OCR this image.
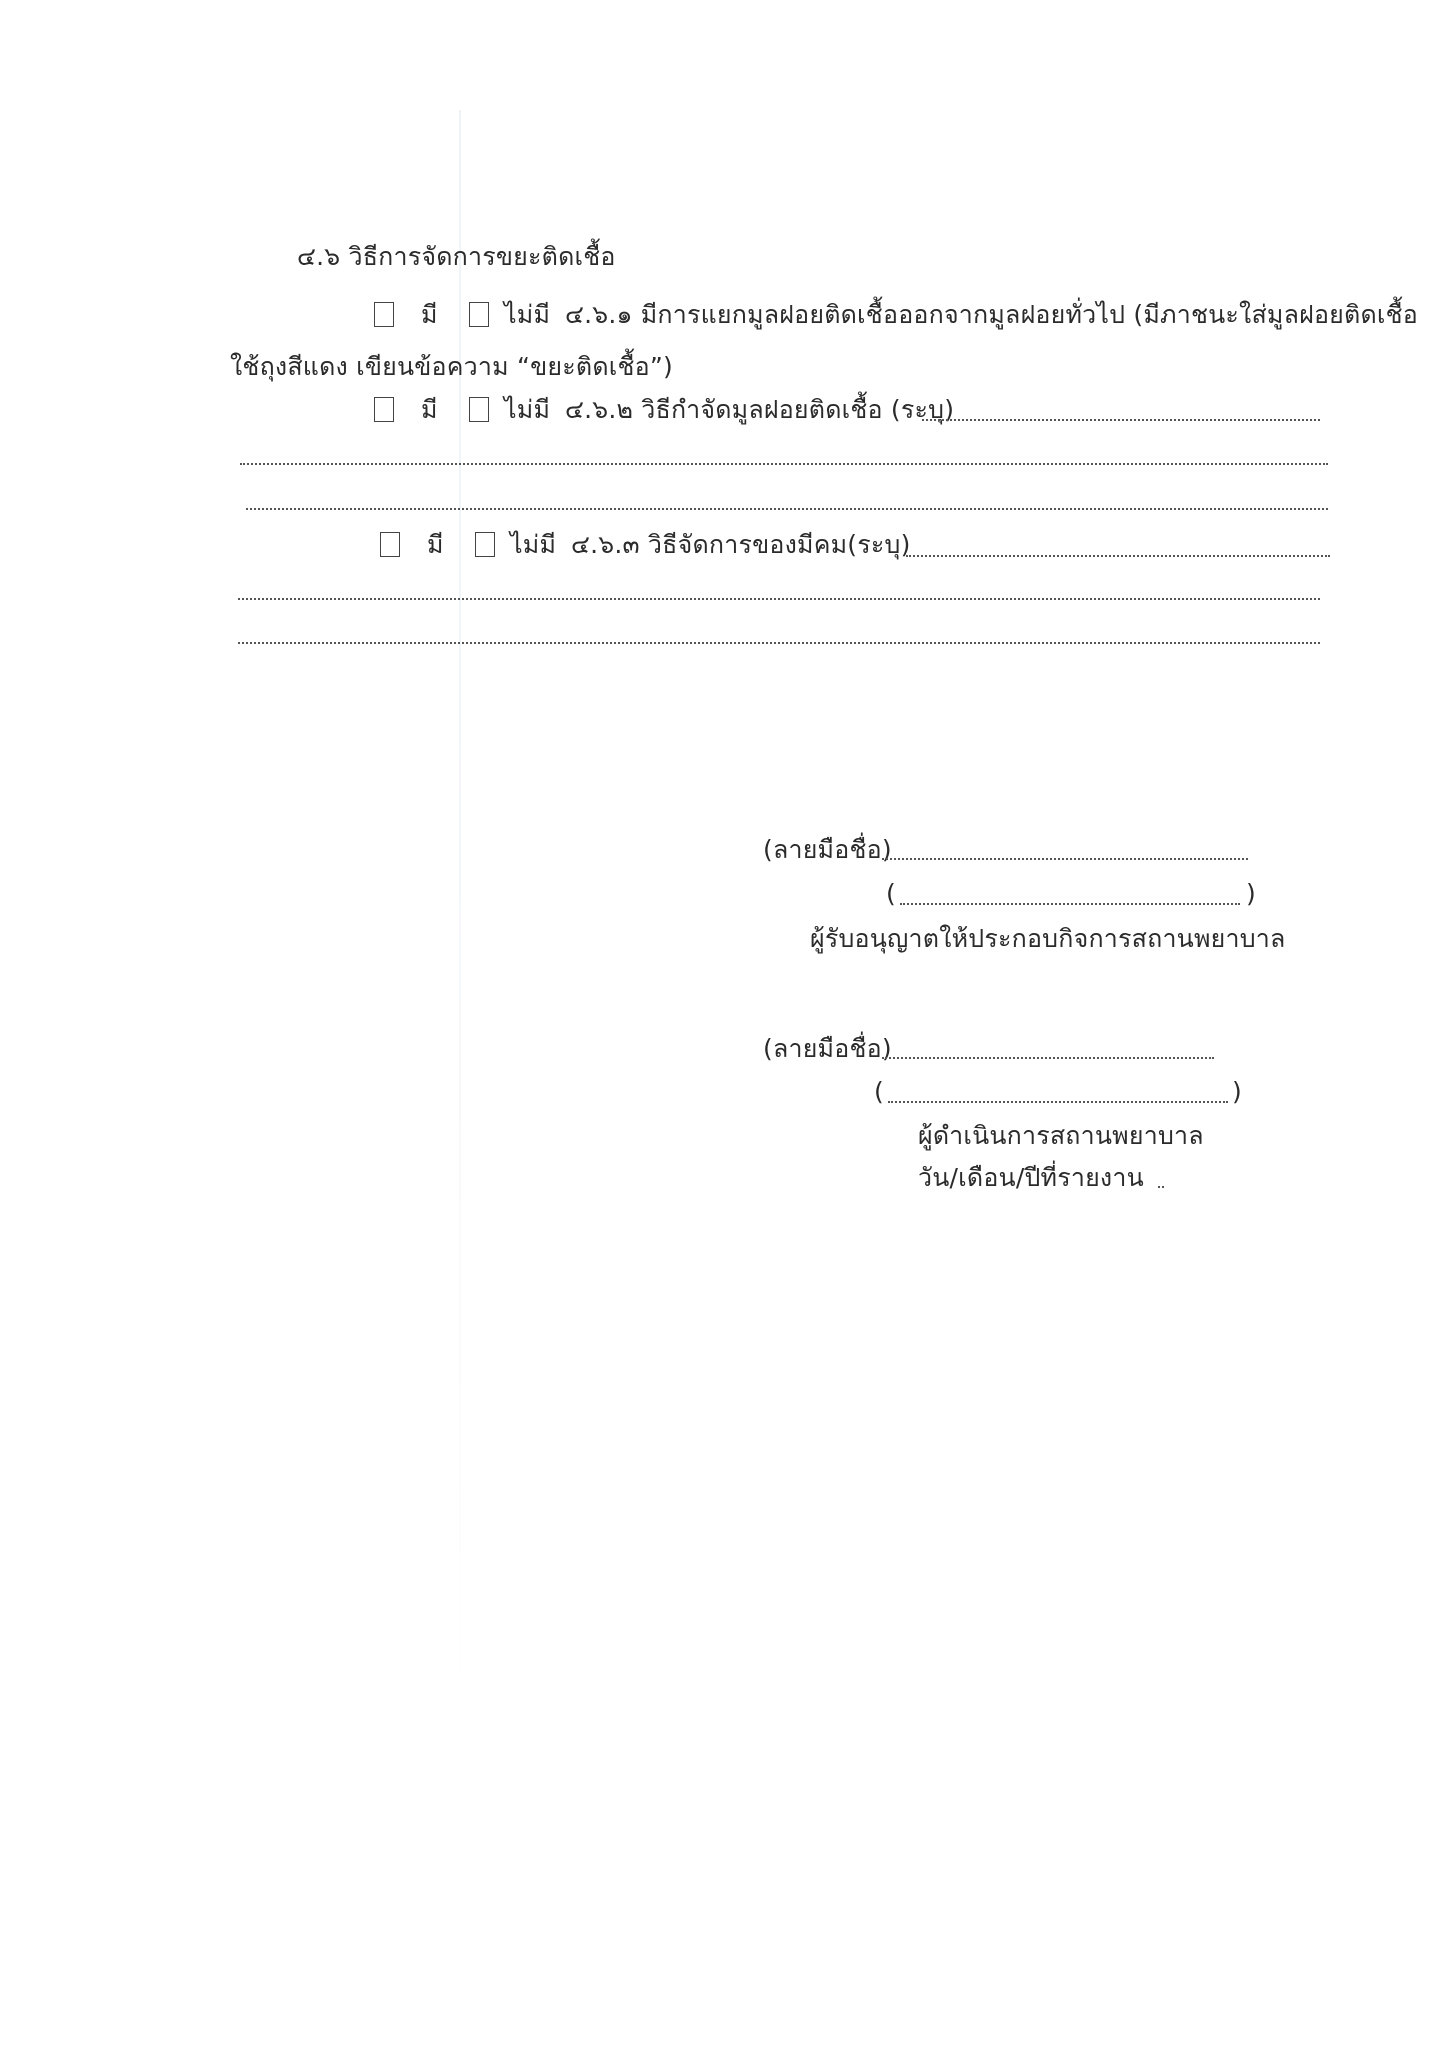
๔.๖ วิธีการจัดการขยะติดเชื้อ
มี	ไม่มี ๔.๖.๑ มีการแยกมูลฝอยติดเชื้อออกจากมูลฝอยทั่วไป (มีภาชนะใส่มูลฝอยติดเชื้อ
ใช้ถุงสีแดง เขียนข้อความ “ขยะติดเชื้อ”)
มี	ไม่มี ๔.๖.๒ วิธีกำจัดมูลฝอยติดเชื้อ (ระบุ)
มี	ไม่มี ๔.๖.๓ วิธีจัดการของมีคม(ระบุ)
(ลายมือชื่อ)
(	)
ผู้รับอนุญาตให้ประกอบกิจการสถานพยาบาล
(ลายมือชื่อ)
(	)
ผู้ดำเนินการสถานพยาบาล
วัน/เดือน/ปีที่รายงาน
